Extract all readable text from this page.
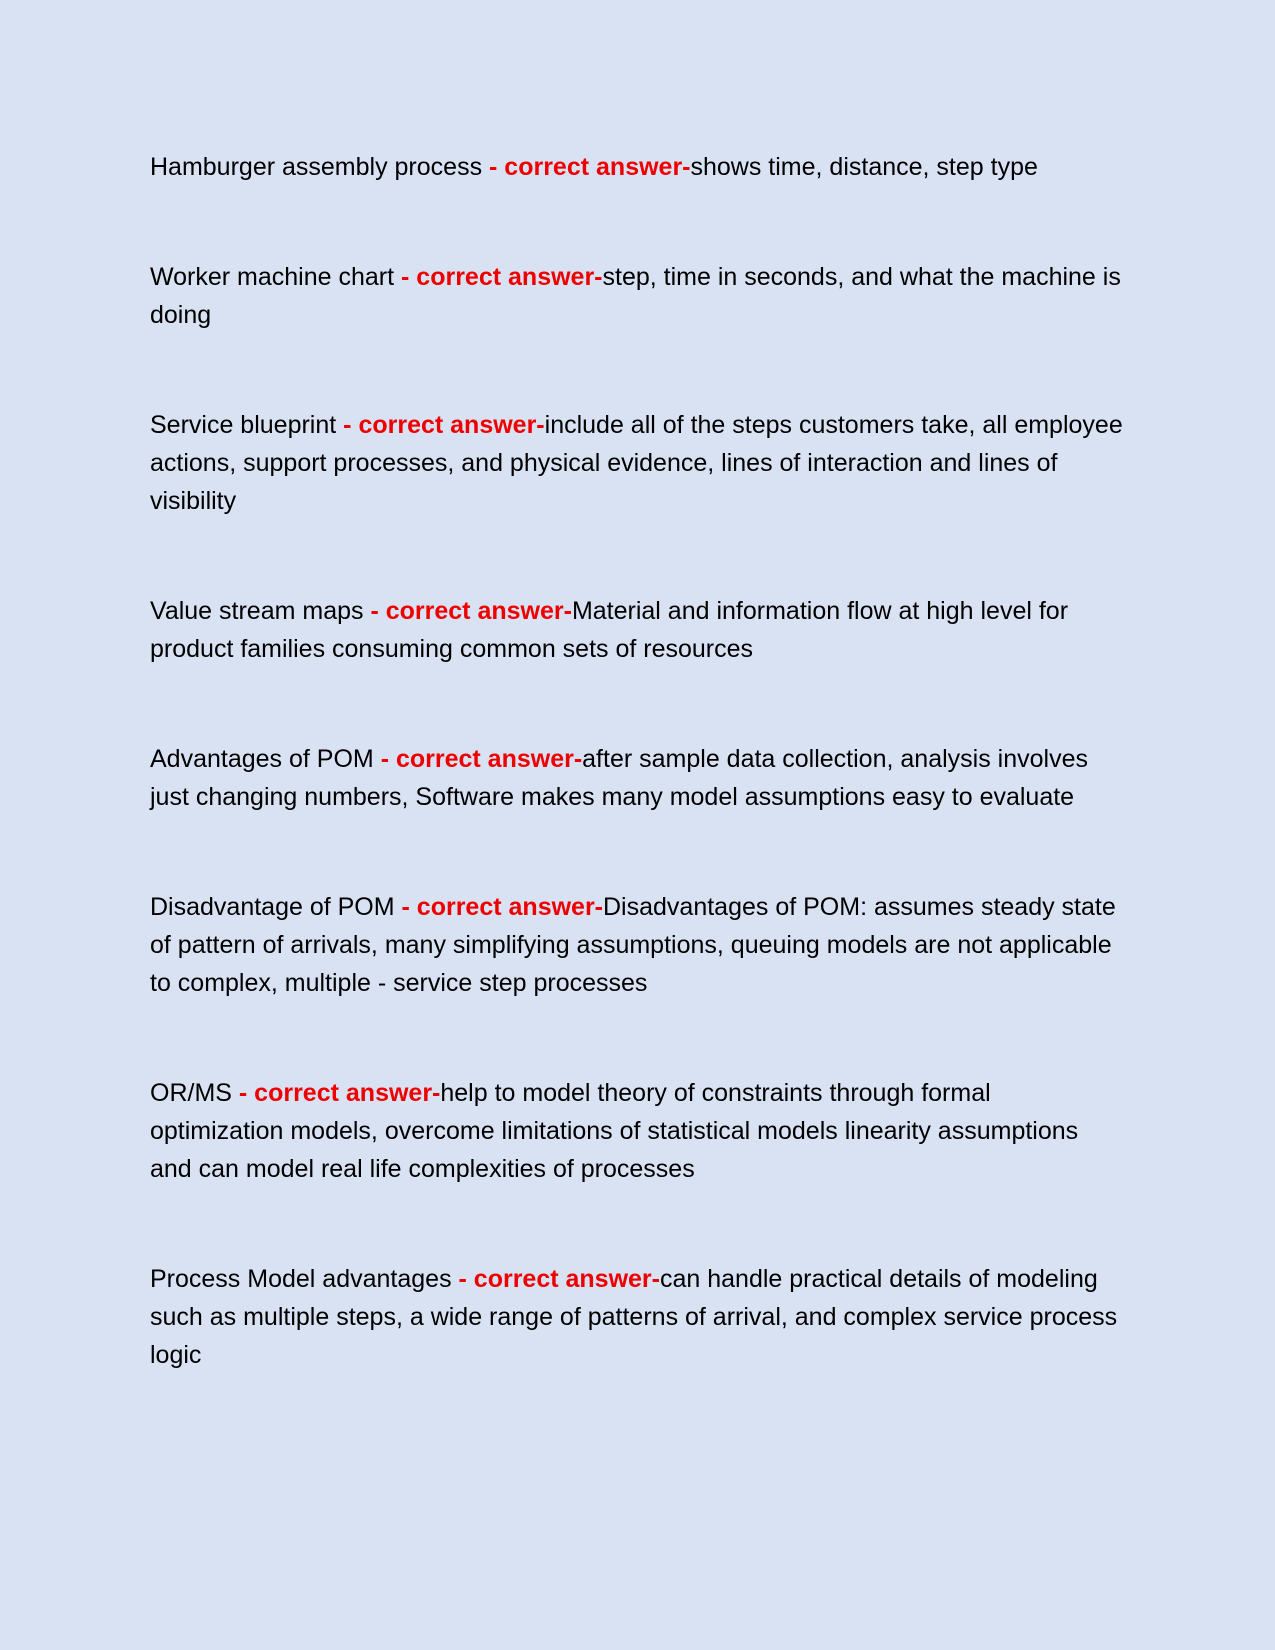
Hamburger assembly process - correct answer-shows time, distance, step type

Worker machine chart - correct answer-step, time in seconds, and what the machine is doing

Service blueprint - correct answer-include all of the steps customers take, all employee actions, support processes, and physical evidence, lines of interaction and lines of visibility

Value stream maps - correct answer-Material and information flow at high level for product families consuming common sets of resources

Advantages of POM - correct answer-after sample data collection, analysis involves just changing numbers, Software makes many model assumptions easy to evaluate

Disadvantage of POM - correct answer-Disadvantages of POM: assumes steady state of pattern of arrivals, many simplifying assumptions, queuing models are not applicable to complex, multiple - service step processes

OR/MS - correct answer-help to model theory of constraints through formal optimization models, overcome limitations of statistical models linearity assumptions and can model real life complexities of processes

Process Model advantages - correct answer-can handle practical details of modeling such as multiple steps, a wide range of patterns of arrival, and complex service process logic
